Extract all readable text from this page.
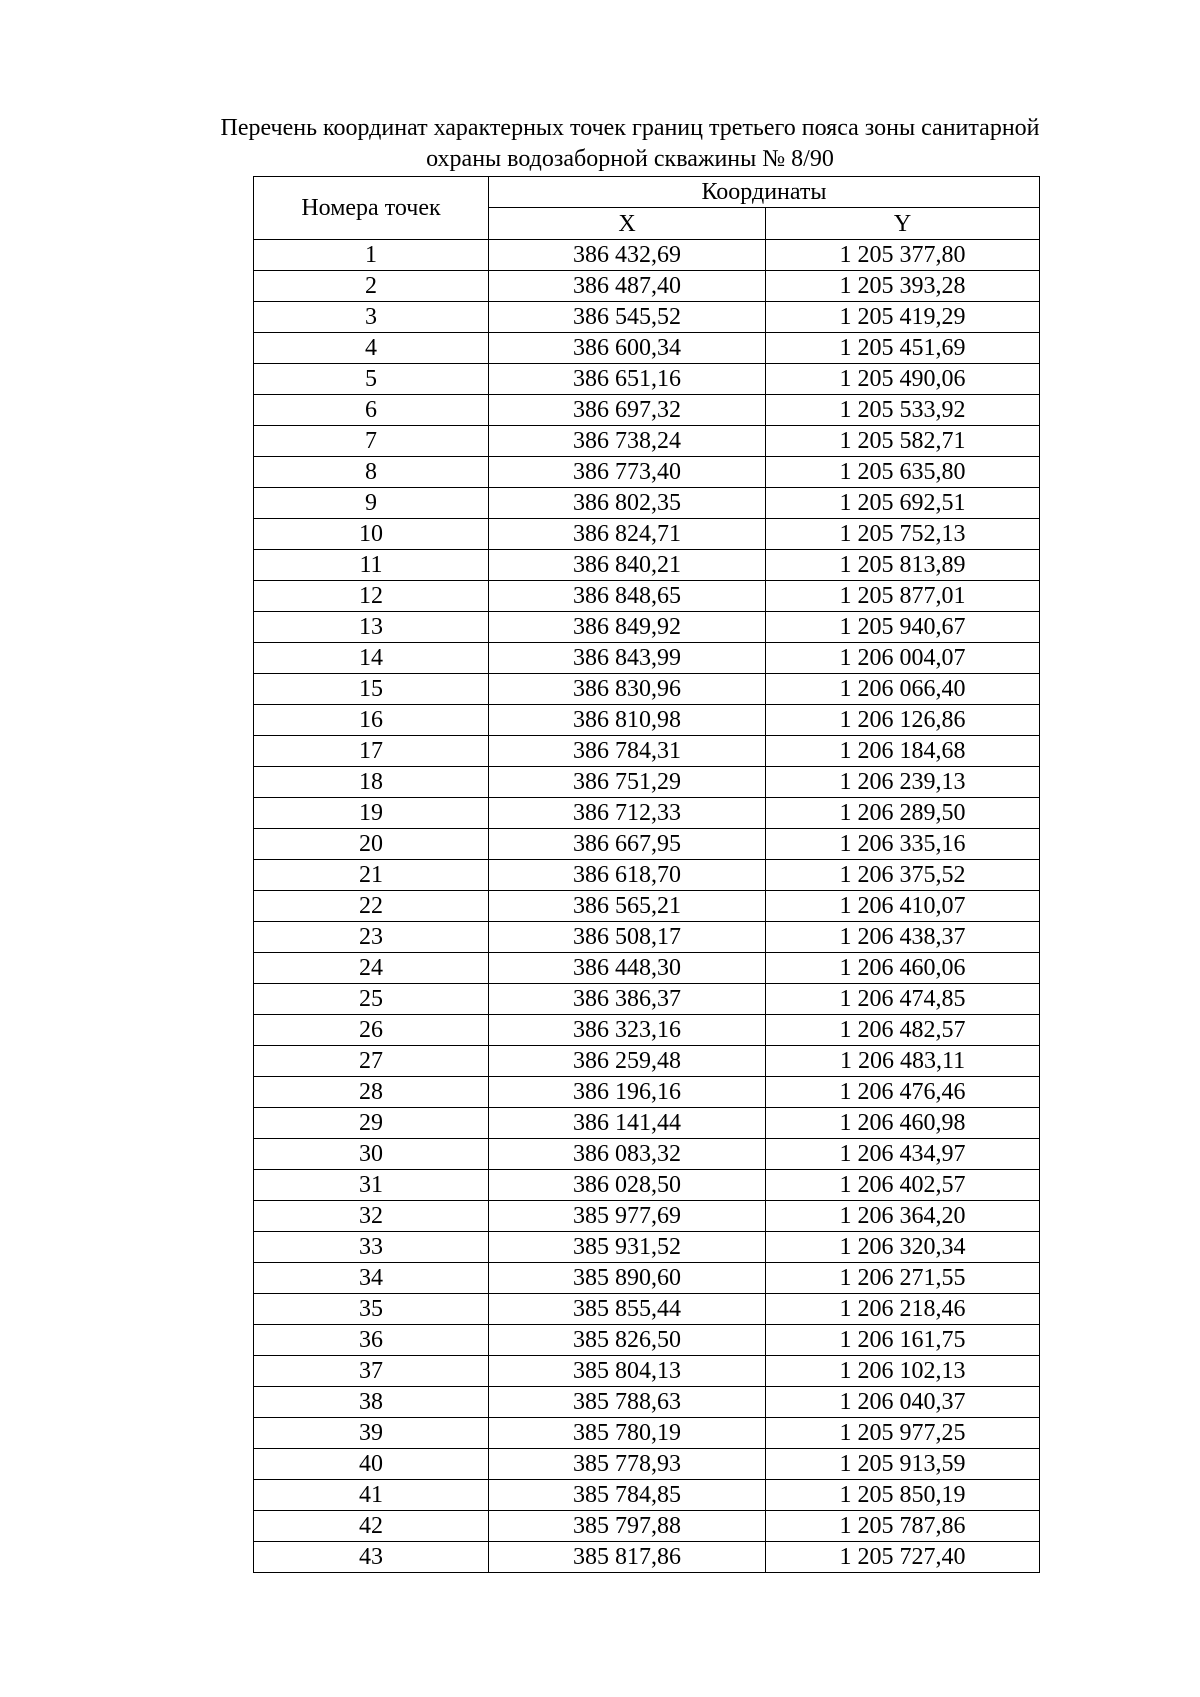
Перечень координат характерных точек границ третьего пояса зоны санитарной
охраны водозаборной скважины № 8/90
Номера точек	Координаты	
	X	Y
1	386 432,69	1 205 377,80
2	386 487,40	1 205 393,28
3	386 545,52	1 205 419,29
4	386 600,34	1 205 451,69
5	386 651,16	1 205 490,06
6	386 697,32	1 205 533,92
7	386 738,24	1 205 582,71
8	386 773,40	1 205 635,80
9	386 802,35	1 205 692,51
10	386 824,71	1 205 752,13
11	386 840,21	1 205 813,89
12	386 848,65	1 205 877,01
13	386 849,92	1 205 940,67
14	386 843,99	1 206 004,07
15	386 830,96	1 206 066,40
16	386 810,98	1 206 126,86
17	386 784,31	1 206 184,68
18	386 751,29	1 206 239,13
19	386 712,33	1 206 289,50
20	386 667,95	1 206 335,16
21	386 618,70	1 206 375,52
22	386 565,21	1 206 410,07
23	386 508,17	1 206 438,37
24	386 448,30	1 206 460,06
25	386 386,37	1 206 474,85
26	386 323,16	1 206 482,57
27	386 259,48	1 206 483,11
28	386 196,16	1 206 476,46
29	386 141,44	1 206 460,98
30	386 083,32	1 206 434,97
31	386 028,50	1 206 402,57
32	385 977,69	1 206 364,20
33	385 931,52	1 206 320,34
34	385 890,60	1 206 271,55
35	385 855,44	1 206 218,46
36	385 826,50	1 206 161,75
37	385 804,13	1 206 102,13
38	385 788,63	1 206 040,37
39	385 780,19	1 205 977,25
40	385 778,93	1 205 913,59
41	385 784,85	1 205 850,19
42	385 797,88	1 205 787,86
43	385 817,86	1 205 727,40
